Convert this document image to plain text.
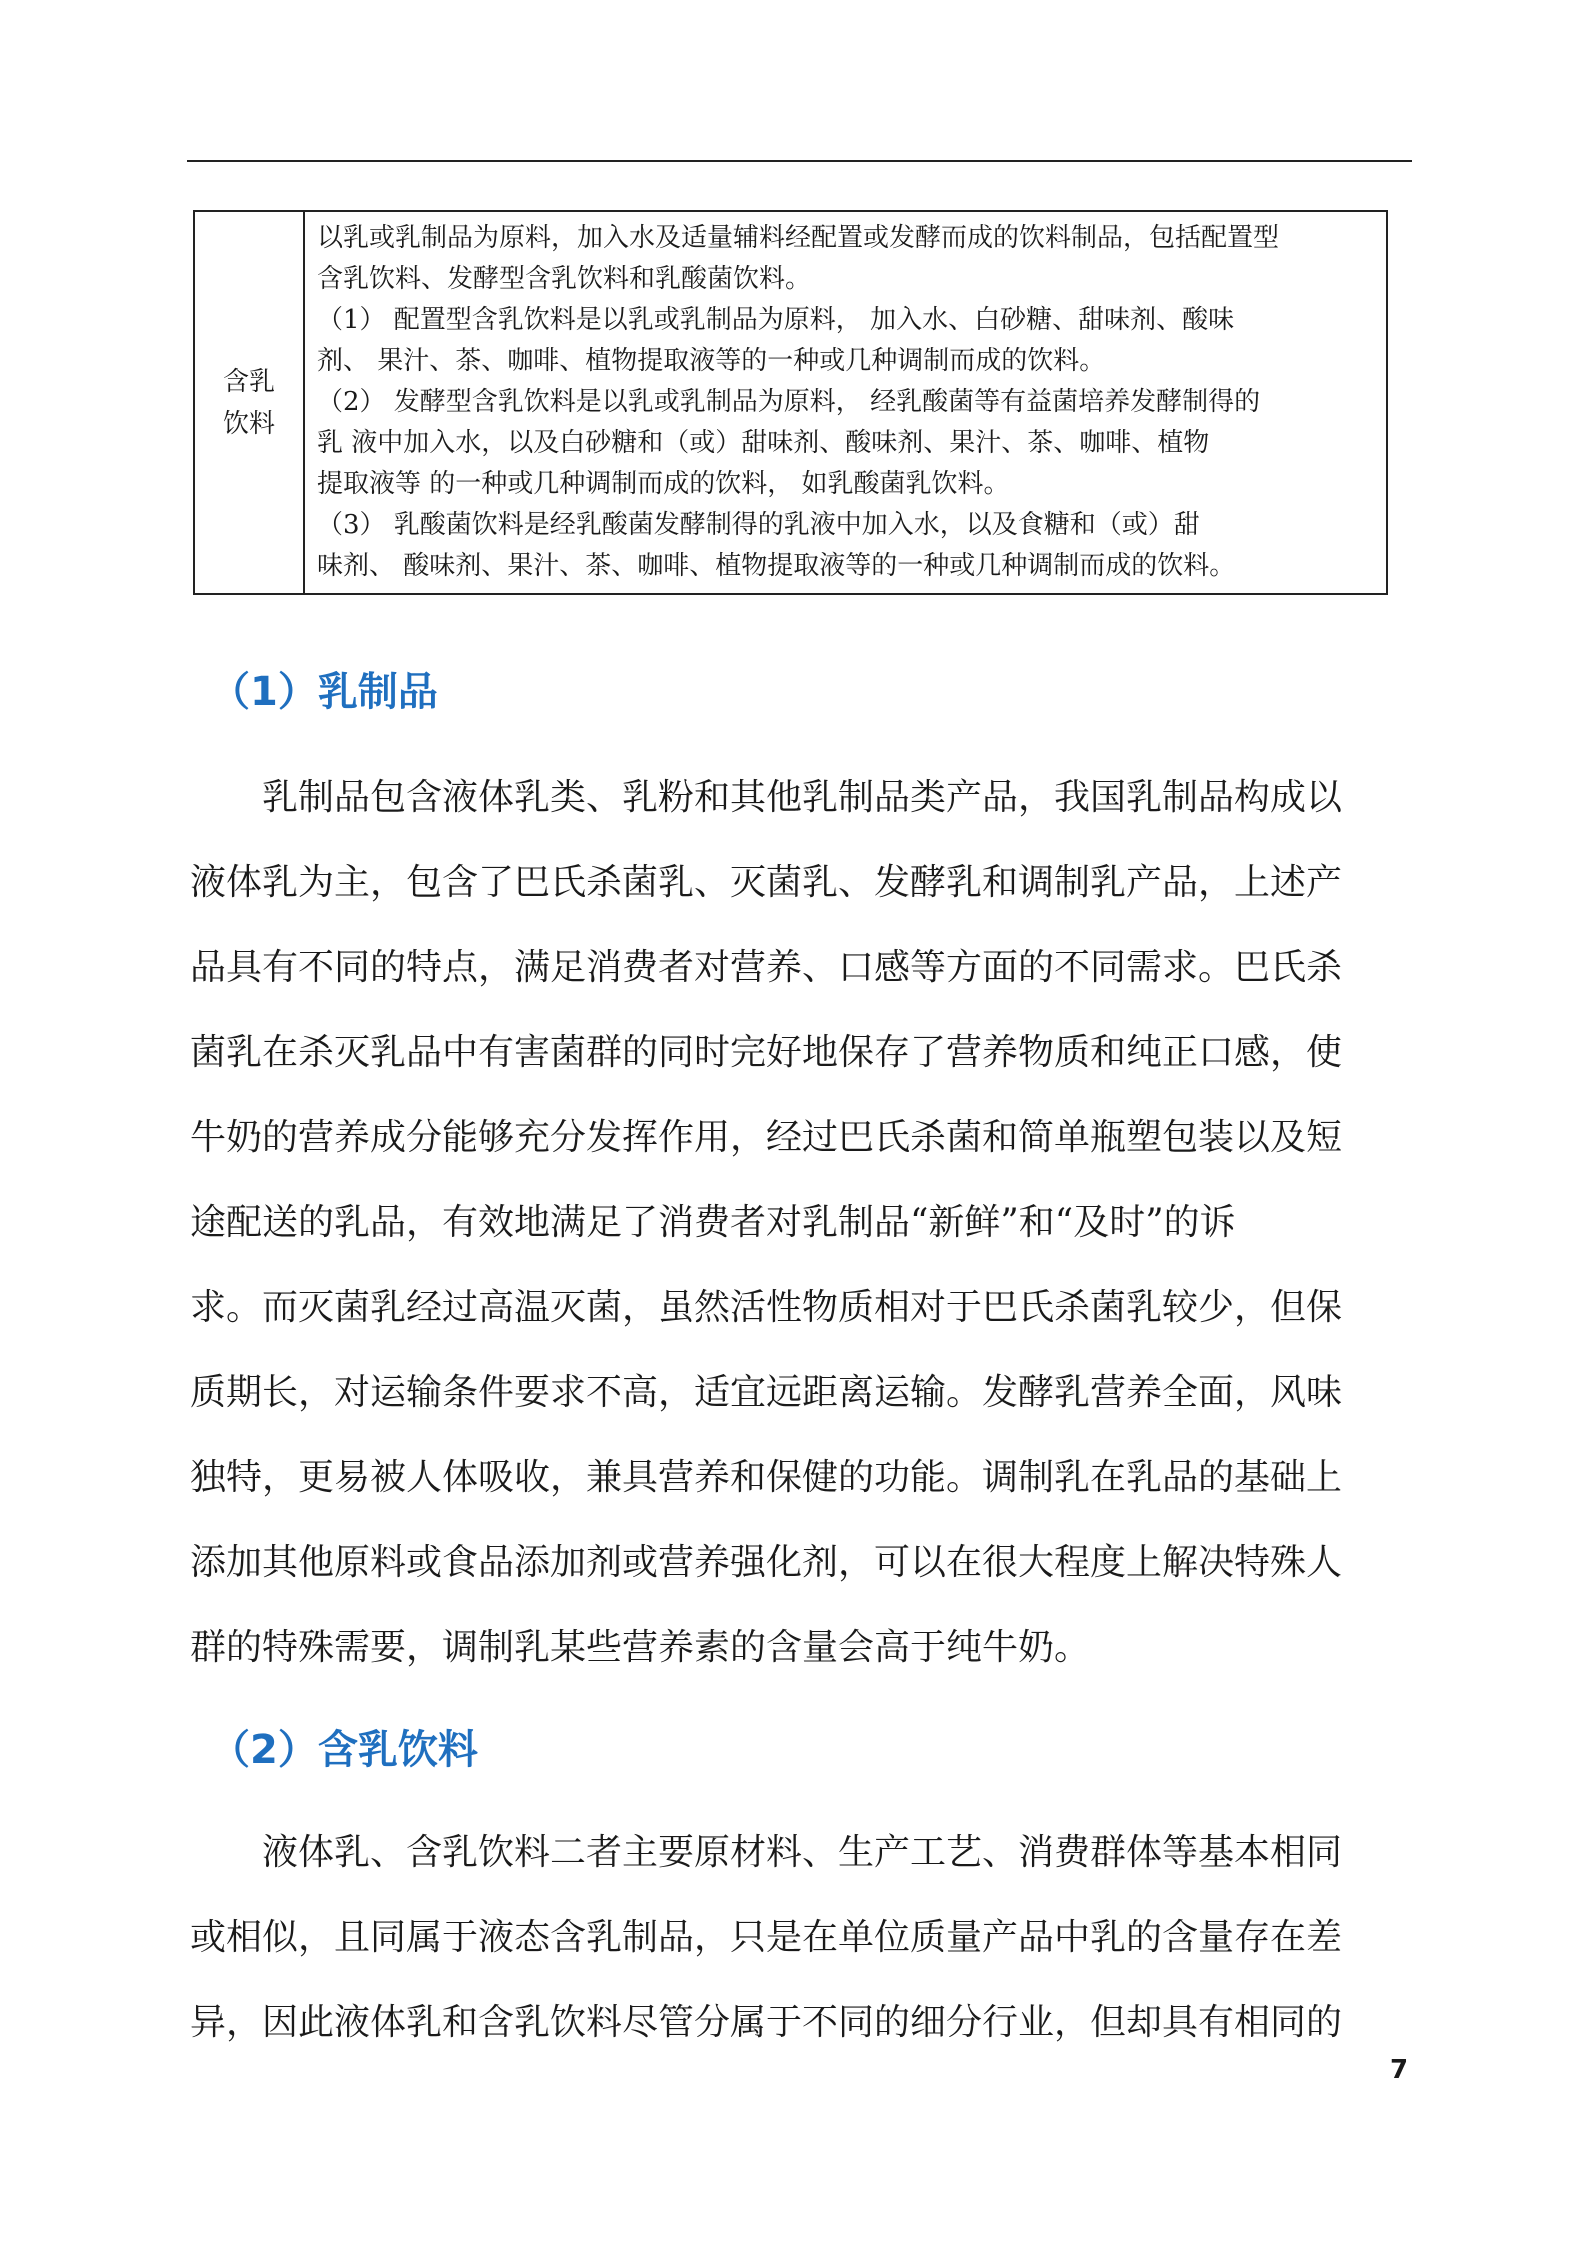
含乳
饮料

以乳或乳制品为原料，加入水及适量辅料经配置或发酵而成的饮料制品，包括配置型
含乳饮料、发酵型含乳饮料和乳酸菌饮料。
（1） 配置型含乳饮料是以乳或乳制品为原料， 加入水、白砂糖、甜味剂、酸味
剂、 果汁、茶、咖啡、植物提取液等的一种或几种调制而成的饮料。
（2） 发酵型含乳饮料是以乳或乳制品为原料， 经乳酸菌等有益菌培养发酵制得的
乳 液中加入水，以及白砂糖和（或）甜味剂、酸味剂、果汁、茶、咖啡、植物
提取液等 的一种或几种调制而成的饮料， 如乳酸菌乳饮料。
（3） 乳酸菌饮料是经乳酸菌发酵制得的乳液中加入水，以及食糖和（或）甜
味剂、 酸味剂、果汁、茶、咖啡、植物提取液等的一种或几种调制而成的饮料。
（1）乳制品
乳制品包含液体乳类、乳粉和其他乳制品类产品，我国乳制品构成以
液体乳为主，包含了巴氏杀菌乳、灭菌乳、发酵乳和调制乳产品，上述产
品具有不同的特点，满足消费者对营养、口感等方面的不同需求。巴氏杀
菌乳在杀灭乳品中有害菌群的同时完好地保存了营养物质和纯正口感，使
牛奶的营养成分能够充分发挥作用，经过巴氏杀菌和简单瓶塑包装以及短
途配送的乳品，有效地满足了消费者对乳制品“新鲜”和“及时”的诉
求。而灭菌乳经过高温灭菌，虽然活性物质相对于巴氏杀菌乳较少，但保
质期长，对运输条件要求不高，适宜远距离运输。发酵乳营养全面，风味
独特，更易被人体吸收，兼具营养和保健的功能。调制乳在乳品的基础上
添加其他原料或食品添加剂或营养强化剂，可以在很大程度上解决特殊人
群的特殊需要，调制乳某些营养素的含量会高于纯牛奶。
（2）含乳饮料
液体乳、含乳饮料二者主要原材料、生产工艺、消费群体等基本相同
或相似，且同属于液态含乳制品，只是在单位质量产品中乳的含量存在差
异，因此液体乳和含乳饮料尽管分属于不同的细分行业，但却具有相同的
7
